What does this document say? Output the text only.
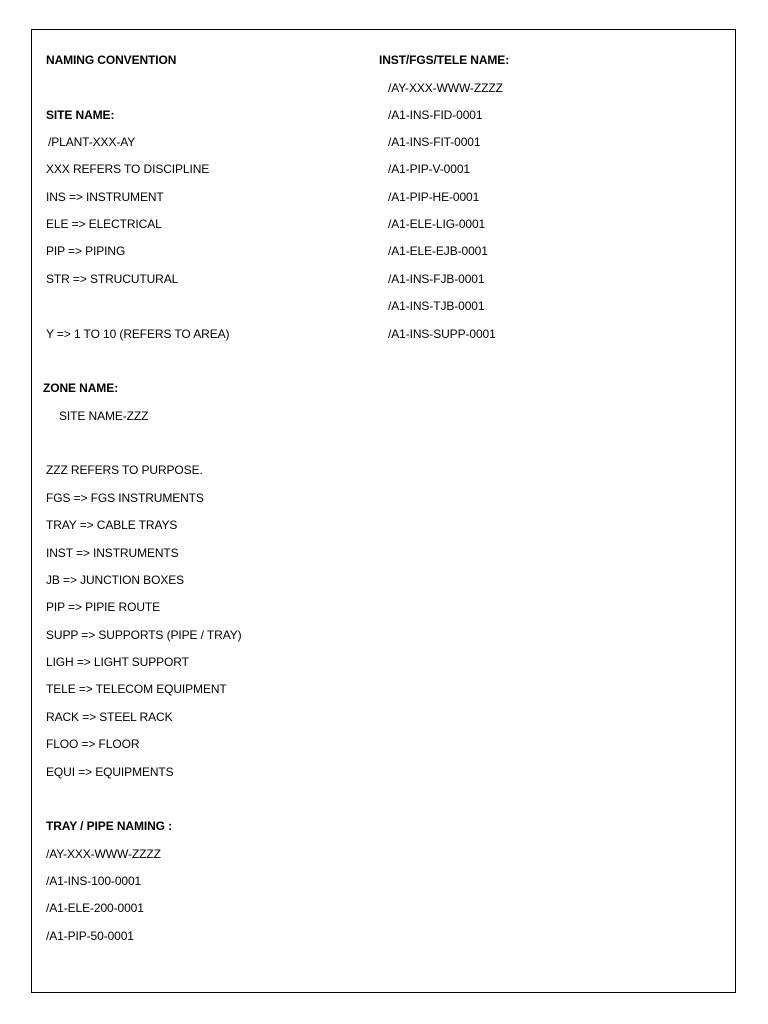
NAMING CONVENTION
SITE NAME:
/PLANT-XXX-AY
XXX REFERS TO DISCIPLINE
INS => INSTRUMENT
ELE => ELECTRICAL
PIP => PIPING
STR => STRUCUTURAL
Y => 1 TO 10 (REFERS TO AREA)
ZONE NAME:
SITE NAME-ZZZ
ZZZ REFERS TO PURPOSE.
FGS => FGS INSTRUMENTS
TRAY => CABLE TRAYS
INST => INSTRUMENTS
JB => JUNCTION BOXES
PIP => PIPIE ROUTE
SUPP => SUPPORTS (PIPE / TRAY)
LIGH => LIGHT SUPPORT
TELE => TELECOM EQUIPMENT
RACK => STEEL RACK
FLOO => FLOOR
EQUI => EQUIPMENTS
TRAY / PIPE NAMING :
/AY-XXX-WWW-ZZZZ
/A1-INS-100-0001
/A1-ELE-200-0001
/A1-PIP-50-0001
INST/FGS/TELE NAME:
/AY-XXX-WWW-ZZZZ
/A1-INS-FID-0001
/A1-INS-FIT-0001
/A1-PIP-V-0001
/A1-PIP-HE-0001
/A1-ELE-LIG-0001
/A1-ELE-EJB-0001
/A1-INS-FJB-0001
/A1-INS-TJB-0001
/A1-INS-SUPP-0001
